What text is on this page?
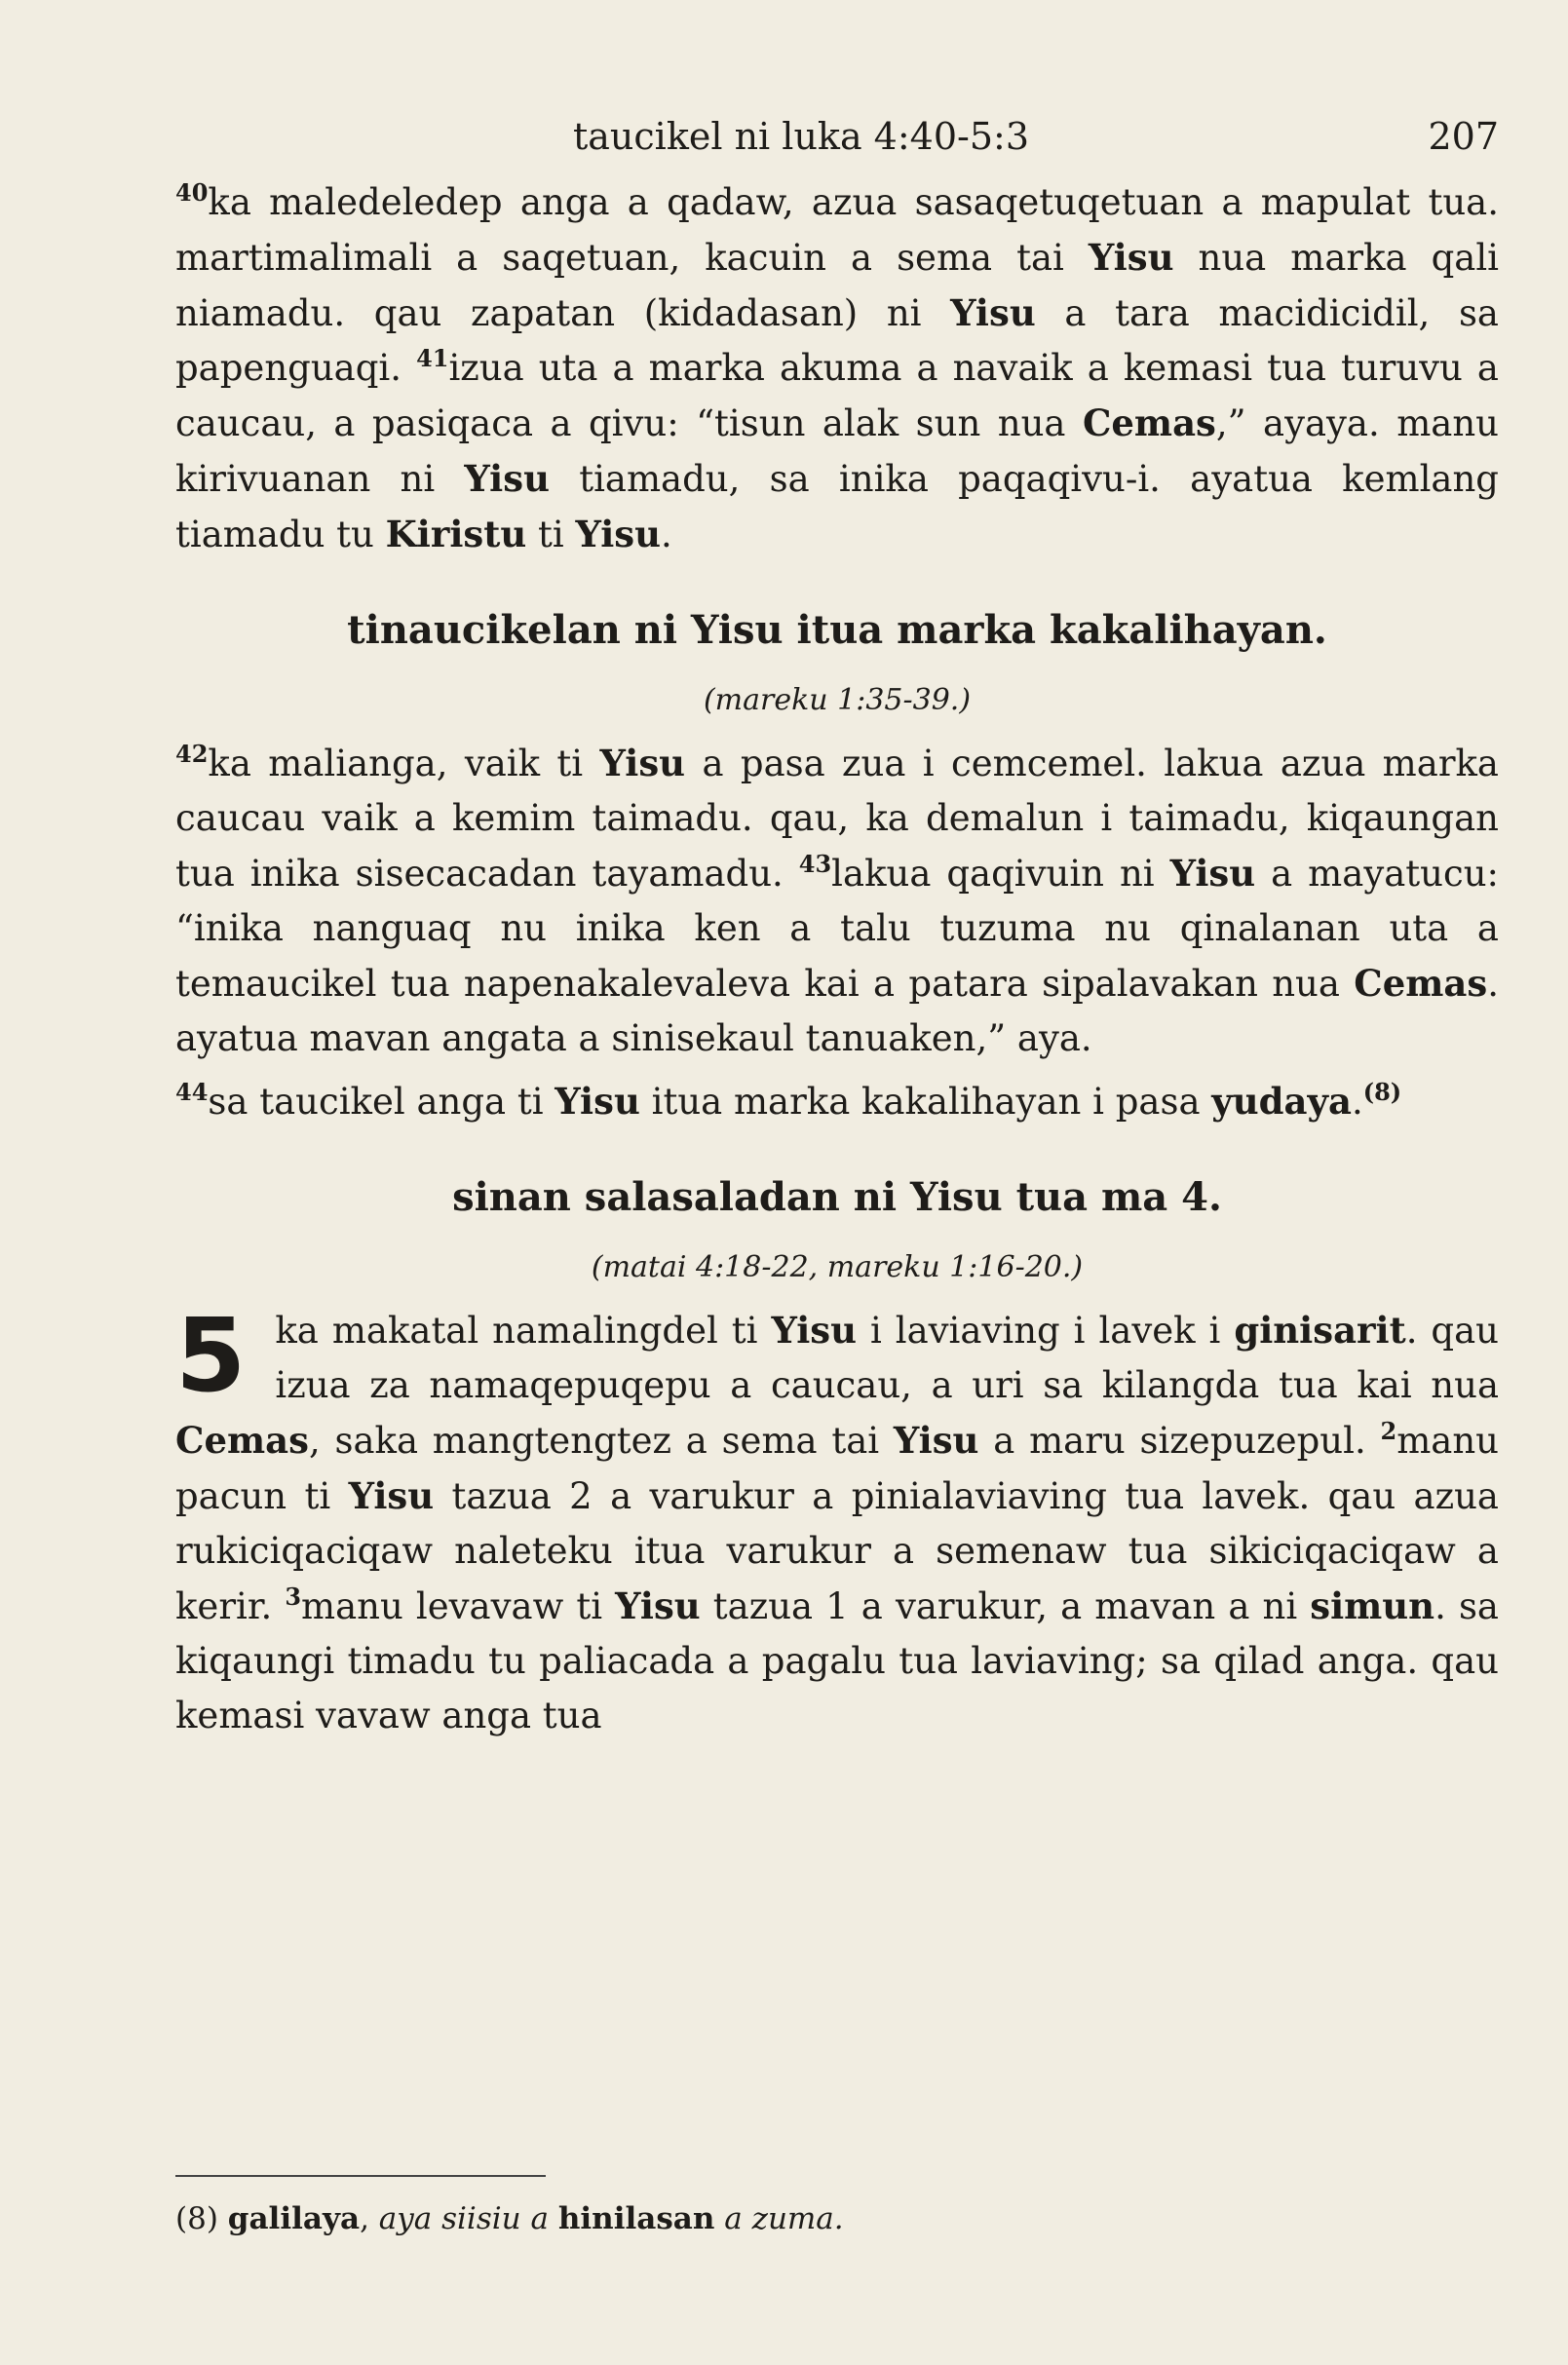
taucikel ni luka 4:40-5:3	207

$^{40}$ka maledeledep anga a qadaw, azua sasaqetuqetuan a mapulat tua. martimalimali a saqetuan, kacuin a sema tai Yisu nua marka qali niamadu. qau zapatan (kidadasan) ni Yisu a tara macidicidil, sa papenguaqi. $^{41}$izua uta a marka akuma a navaik a kemasi tua turuvu a caucau, a pasiqaca a qivu: “tisun alak sun nua Cemas,” ayaya. manu kirivuanan ni Yisu tiamadu, sa inika paqaqivu-i. ayatua kemlang tiamadu tu Kiristu ti Yisu.

tinaucikelan ni Yisu itua marka kakalihayan.
(mareku 1:35-39.)

$^{42}$ka malianga, vaik ti Yisu a pasa zua i cemcemel. lakua azua marka caucau vaik a kemim taimadu. qau, ka demalun i taimadu, kiqaungan tua inika sisecacadan tayamadu. $^{43}$lakua qaqivuin ni Yisu a mayatucu: “inika nanguaq nu inika ken a talu tuzuma nu qinalanan uta a temaucikel tua napenakalevaleva kai a patara sipalavakan nua Cemas. ayatua mavan angata a sinisekaul tanuaken,” aya.

$^{44}$sa taucikel anga ti Yisu itua marka kakalihayan i pasa yudaya.$^{(8)}$

sinan salasaladan ni Yisu tua ma 4.
(matai 4:18-22, mareku 1:16-20.)

5 ka makatal namalingdel ti Yisu i laviaving i lavek i ginisarit. qau izua za namaqepuqepu a caucau, a uri sa kilangda tua kai nua Cemas, saka mangtengtez a sema tai Yisu a maru sizepuzepul. $^2$manu pacun ti Yisu tazua 2 a varukur a pinialaviaving tua lavek. qau azua rukiciqaciqaw naleteku itua varukur a semenaw tua sikiciqaciqaw a kerir. $^3$manu levavaw ti Yisu tazua 1 a varukur, a mavan a ni simun. sa kiqaungi timadu tu paliacada a pagalu tua laviaving; sa qilad anga. qau kemasi vavaw anga tua

(8) galilaya, aya siisiu a hinilasan a zuma.
